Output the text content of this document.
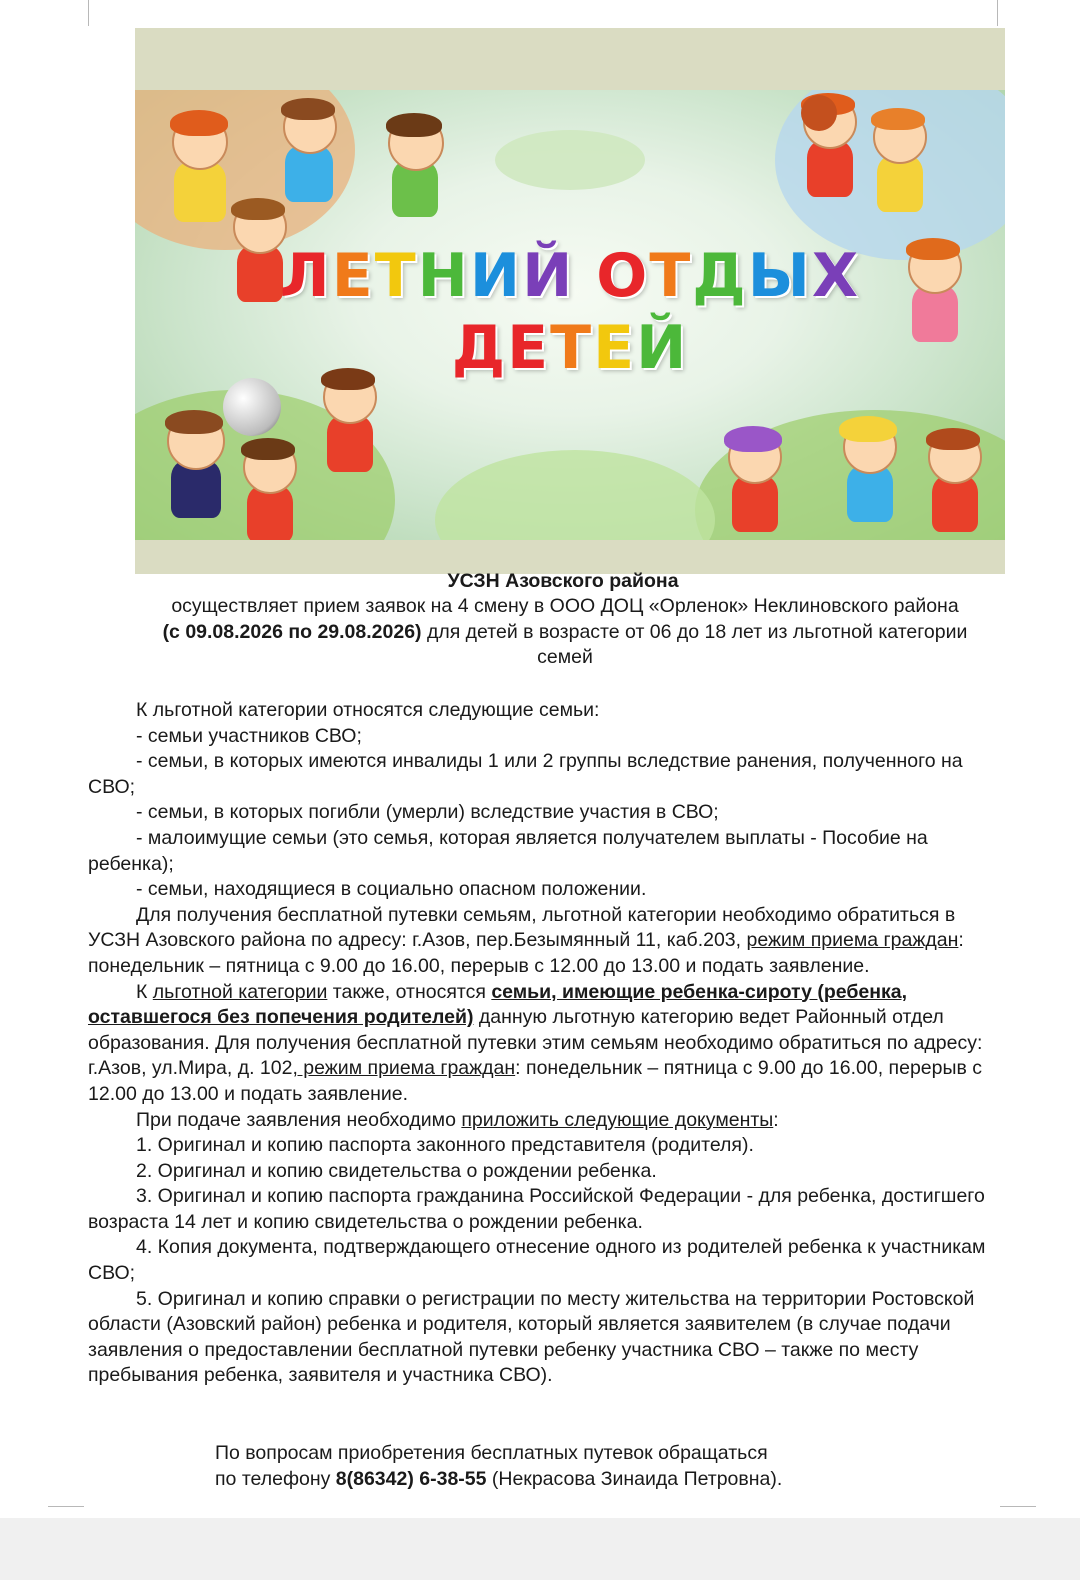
ЛЕТНИЙ ОТДЫХ
ДЕТЕЙ
УСЗН Азовского района
осуществляет прием заявок на 4 смену в ООО ДОЦ «Орленок» Неклиновского района (с 09.08.2026 по 29.08.2026) для детей в возрасте от 06 до 18 лет из льготной категории семей
К льготной категории относятся следующие семьи:
- семьи участников СВО;
- семьи, в которых имеются инвалиды 1 или 2 группы вследствие ранения, полученного на СВО;
- семьи, в которых погибли (умерли) вследствие участия в СВО;
- малоимущие семьи (это семья, которая является получателем выплаты - Пособие на ребенка);
- семьи, находящиеся в социально опасном положении.
Для получения бесплатной путевки семьям, льготной категории необходимо обратиться в УСЗН Азовского района по адресу: г.Азов, пер.Безымянный 11, каб.203, режим приема граждан: понедельник – пятница с 9.00 до 16.00, перерыв с 12.00 до 13.00 и подать заявление.
К льготной категории также, относятся семьи, имеющие ребенка-сироту (ребенка, оставшегося без попечения родителей) данную льготную категорию ведет Районный отдел образования. Для получения бесплатной путевки этим семьям необходимо обратиться по адресу: г.Азов, ул.Мира, д. 102, режим приема граждан: понедельник – пятница с 9.00 до 16.00, перерыв с 12.00 до 13.00 и подать заявление.
При подаче заявления необходимо приложить следующие документы:
1. Оригинал и копию паспорта законного представителя (родителя).
2. Оригинал и копию свидетельства о рождении ребенка.
3. Оригинал и копию паспорта гражданина Российской Федерации - для ребенка, достигшего возраста 14 лет и копию свидетельства о рождении ребенка.
4. Копия документа, подтверждающего отнесение одного из родителей ребенка к участникам СВО;
5. Оригинал и копию справки о регистрации по месту жительства на территории Ростовской области (Азовский район) ребенка и родителя, который является заявителем (в случае подачи заявления о предоставлении бесплатной путевки ребенку участника СВО – также по месту пребывания ребенка, заявителя и участника СВО).
По вопросам приобретения бесплатных путевок обращаться
по телефону 8(86342) 6-38-55 (Некрасова Зинаида Петровна).
